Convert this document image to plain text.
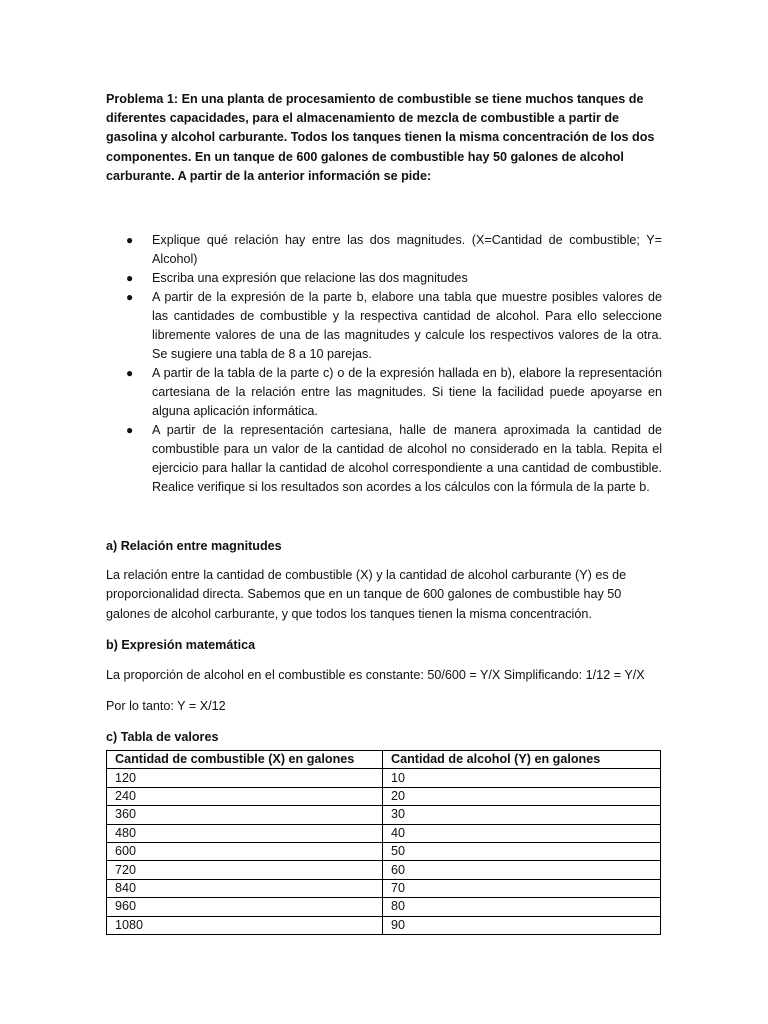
Problema 1: En una planta de procesamiento de combustible se tiene muchos tanques de diferentes capacidades, para el almacenamiento de mezcla de combustible a partir de gasolina y alcohol carburante. Todos los tanques tienen la misma concentración de los dos componentes. En un tanque de 600 galones de combustible hay 50 galones de alcohol carburante. A partir de la anterior información se pide:

● Explique qué relación hay entre las dos magnitudes. (X=Cantidad de combustible; Y= Alcohol)
● Escriba una expresión que relacione las dos magnitudes
● A partir de la expresión de la parte b, elabore una tabla que muestre posibles valores de las cantidades de combustible y la respectiva cantidad de alcohol. Para ello seleccione libremente valores de una de las magnitudes y calcule los respectivos valores de la otra. Se sugiere una tabla de 8 a 10 parejas.
● A partir de la tabla de la parte c) o de la expresión hallada en b), elabore la representación cartesiana de la relación entre las magnitudes. Si tiene la facilidad puede apoyarse en alguna aplicación informática.
● A partir de la representación cartesiana, halle de manera aproximada la cantidad de combustible para un valor de la cantidad de alcohol no considerado en la tabla. Repita el ejercicio para hallar la cantidad de alcohol correspondiente a una cantidad de combustible. Realice verifique si los resultados son acordes a los cálculos con la fórmula de la parte b.
a) Relación entre magnitudes

La relación entre la cantidad de combustible (X) y la cantidad de alcohol carburante (Y) es de proporcionalidad directa. Sabemos que en un tanque de 600 galones de combustible hay 50 galones de alcohol carburante, y que todos los tanques tienen la misma concentración.

b) Expresión matemática

La proporción de alcohol en el combustible es constante: 50/600 = Y/X Simplificando: 1/12 = Y/X

Por lo tanto: Y = X/12

c) Tabla de valores
Cantidad de combustible (X) en galones	Cantidad de alcohol (Y) en galones
120	10
240	20
360	30
480	40
600	50
720	60
840	70
960	80
1080	90
